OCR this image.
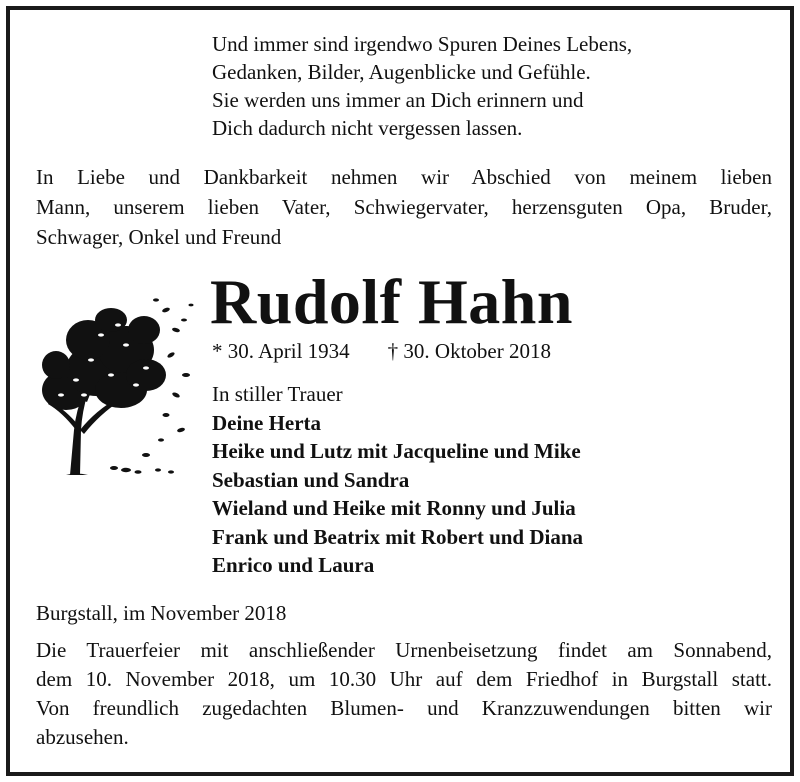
Und immer sind irgendwo Spuren Deines Lebens,
Gedanken, Bilder, Augenblicke und Gefühle.
Sie werden uns immer an Dich erinnern und
Dich dadurch nicht vergessen lassen.
In Liebe und Dankbarkeit nehmen wir Abschied von meinem lieben
Mann, unserem lieben Vater, Schwiegervater, herzensguten Opa, Bruder,
Schwager, Onkel und Freund
Rudolf Hahn
* 30. April 1934 † 30. Oktober 2018
In stiller Trauer
Deine Herta
Heike und Lutz mit Jacqueline und Mike
Sebastian und Sandra
Wieland und Heike mit Ronny und Julia
Frank und Beatrix mit Robert und Diana
Enrico und Laura
Burgstall, im November 2018
Die Trauerfeier mit anschließender Urnenbeisetzung findet am Sonnabend,
dem 10. November 2018, um 10.30 Uhr auf dem Friedhof in Burgstall statt.
Von freundlich zugedachten Blumen- und Kranzzuwendungen bitten wir
abzusehen.
